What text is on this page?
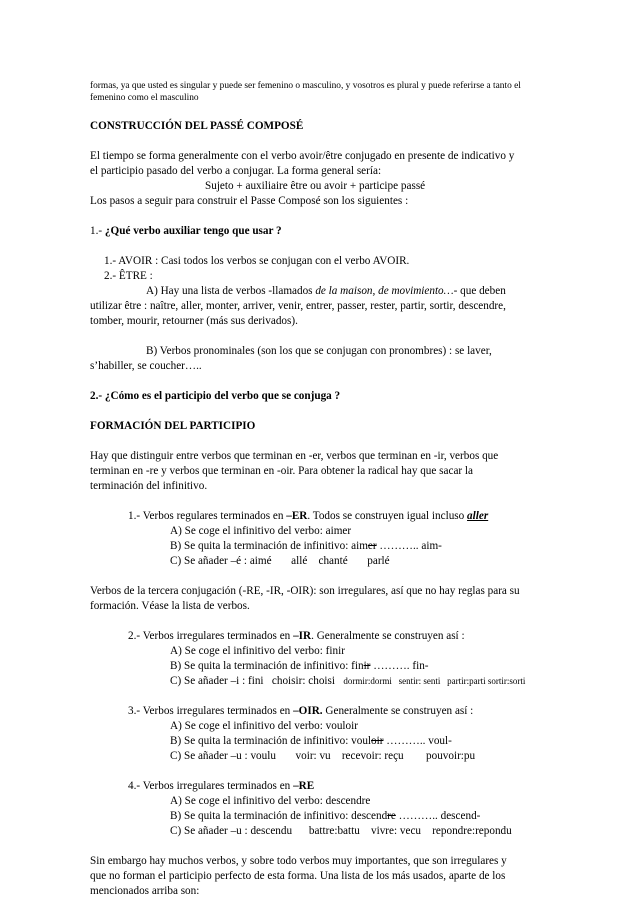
formas, ya que usted es singular y puede ser femenino o masculino, y vosotros es plural y puede referirse a tanto el

femenino como el masculino

CONSTRUCCIÓN DEL PASSÉ COMPOSÉ

El tiempo se forma generalmente con el verbo avoir/être conjugado en presente de indicativo y

el participio pasado del verbo a conjugar. La forma general sería:

Sujeto + auxiliaire être ou avoir + participe passé

Los pasos a seguir para construir el Passe Composé son los siguientes :

1.- ¿Qué verbo auxiliar tengo que usar ?

1.- AVOIR : Casi todos los verbos se conjugan con el verbo AVOIR.

2.- ÊTRE :

A) Hay una lista de verbos -llamados de la maison, de movimiento…- que deben

utilizar être : naître, aller, monter, arriver, venir, entrer, passer, rester, partir, sortir, descendre,

tomber, mourir, retourner (más sus derivados).

B) Verbos pronominales (son los que se conjugan con pronombres) : se laver,

s’habiller, se coucher…..

2.- ¿Cómo es el participio del verbo que se conjuga ?

FORMACIÓN DEL PARTICIPIO

Hay que distinguir entre verbos que terminan en -er, verbos que terminan en -ir, verbos que

terminan en -re y verbos que terminan en -oir. Para obtener la radical hay que sacar la

terminación del infinitivo.

1.- Verbos regulares terminados en –ER. Todos se construyen igual incluso aller

A) Se coge el infinitivo del verbo: aimer

B) Se quita la terminación de infinitivo: aimer ……….. aim-

C) Se añader –é : aimé       allé    chanté       parlé

Verbos de la tercera conjugación (-RE, -IR, -OIR): son irregulares, así que no hay reglas para su

formación. Véase la lista de verbos.

2.- Verbos irregulares terminados en –IR. Generalmente se construyen así :

A) Se coge el infinitivo del verbo: finir

B) Se quita la terminación de infinitivo: finir ………. fin-

C) Se añader –i : fini   choisir: choisi dormir:dormi   sentir: senti   partir:parti sortir:sorti

3.- Verbos irregulares terminados en –OIR. Generalmente se construyen así :

A) Se coge el infinitivo del verbo: vouloir

B) Se quita la terminación de infinitivo: vouloir ……….. voul-

C) Se añader –u : voulu       voir: vu    recevoir: reçu        pouvoir:pu

4.- Verbos irregulares terminados en –RE

A) Se coge el infinitivo del verbo: descendre

B) Se quita la terminación de infinitivo: descendre ……….. descend-

C) Se añader –u : descendu      battre:battu    vivre: vecu    repondre:repondu

Sin embargo hay muchos verbos, y sobre todo verbos muy importantes, que son irregulares y

que no forman el participio perfecto de esta forma. Una lista de los más usados, aparte de los

mencionados arriba son:
